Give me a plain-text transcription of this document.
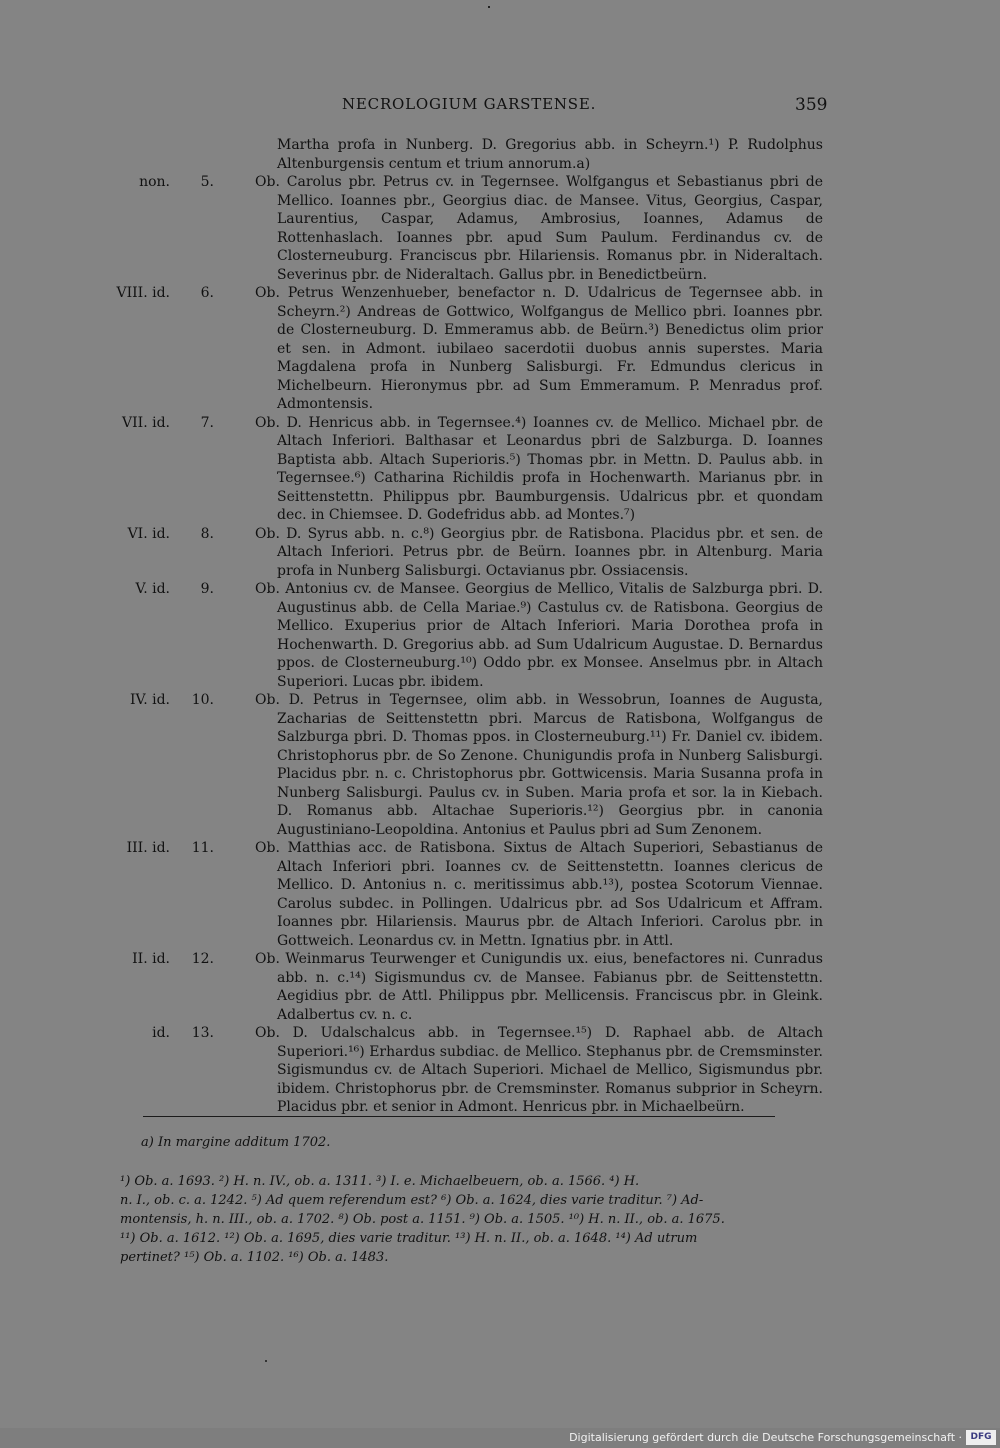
NECROLOGIUM GARSTENSE.	359
Martha profa in Nunberg. D. Gregorius abb. in Scheyrn.¹) P. Rudolphus Altenburgensis centum et trium annorum.a)
non.	5.	Ob. Carolus pbr. Petrus cv. in Tegernsee. Wolfgangus et Sebastianus pbri de Mellico. Ioannes pbr., Georgius diac. de Mansee. Vitus, Georgius, Caspar, Laurentius, Caspar, Adamus, Ambrosius, Ioannes, Adamus de Rottenhaslach. Ioannes pbr. apud Sum Paulum. Ferdinandus cv. de Closterneuburg. Franciscus pbr. Hilariensis. Romanus pbr. in Nideraltach. Severinus pbr. de Nideraltach. Gallus pbr. in Benedictbeürn.
VIII. id.	6.	Ob. Petrus Wenzenhueber, benefactor n. D. Udalricus de Tegernsee abb. in Scheyrn.²) Andreas de Gottwico, Wolfgangus de Mellico pbri. Ioannes pbr. de Closterneuburg. D. Emmeramus abb. de Beürn.³) Benedictus olim prior et sen. in Admont. iubilaeo sacerdotii duobus annis superstes. Maria Magdalena profa in Nunberg Salisburgi. Fr. Edmundus clericus in Michelbeurn. Hieronymus pbr. ad Sum Emmeramum. P. Menradus prof. Admontensis.
VII. id.	7.	Ob. D. Henricus abb. in Tegernsee.⁴) Ioannes cv. de Mellico. Michael pbr. de Altach Inferiori. Balthasar et Leonardus pbri de Salzburga. D. Ioannes Baptista abb. Altach Superioris.⁵) Thomas pbr. in Mettn. D. Paulus abb. in Tegernsee.⁶) Catharina Richildis profa in Hochenwarth. Marianus pbr. in Seittenstettn. Philippus pbr. Baumburgensis. Udalricus pbr. et quondam dec. in Chiemsee. D. Godefridus abb. ad Montes.⁷)
VI. id.	8.	Ob. D. Syrus abb. n. c.⁸) Georgius pbr. de Ratisbona. Placidus pbr. et sen. de Altach Inferiori. Petrus pbr. de Beürn. Ioannes pbr. in Altenburg. Maria profa in Nunberg Salisburgi. Octavianus pbr. Ossiacensis.
V. id.	9.	Ob. Antonius cv. de Mansee. Georgius de Mellico, Vitalis de Salzburga pbri. D. Augustinus abb. de Cella Mariae.⁹) Castulus cv. de Ratisbona. Georgius de Mellico. Exuperius prior de Altach Inferiori. Maria Dorothea profa in Hochenwarth. D. Gregorius abb. ad Sum Udalricum Augustae. D. Bernardus ppos. de Closterneuburg.¹⁰) Oddo pbr. ex Monsee. Anselmus pbr. in Altach Superiori. Lucas pbr. ibidem.
IV. id.	10.	Ob. D. Petrus in Tegernsee, olim abb. in Wessobrun, Ioannes de Augusta, Zacharias de Seittenstettn pbri. Marcus de Ratisbona, Wolfgangus de Salzburga pbri. D. Thomas ppos. in Closterneuburg.¹¹) Fr. Daniel cv. ibidem. Christophorus pbr. de So Zenone. Chunigundis profa in Nunberg Salisburgi. Placidus pbr. n. c. Christophorus pbr. Gottwicensis. Maria Susanna profa in Nunberg Salisburgi. Paulus cv. in Suben. Maria profa et sor. la in Kiebach. D. Romanus abb. Altachae Superioris.¹²) Georgius pbr. in canonia Augustiniano-Leopoldina. Antonius et Paulus pbri ad Sum Zenonem.
III. id.	11.	Ob. Matthias acc. de Ratisbona. Sixtus de Altach Superiori, Sebastianus de Altach Inferiori pbri. Ioannes cv. de Seittenstettn. Ioannes clericus de Mellico. D. Antonius n. c. meritissimus abb.¹³), postea Scotorum Viennae. Carolus subdec. in Pollingen. Udalricus pbr. ad Sos Udalricum et Affram. Ioannes pbr. Hilariensis. Maurus pbr. de Altach Inferiori. Carolus pbr. in Gottweich. Leonardus cv. in Mettn. Ignatius pbr. in Attl.
II. id.	12.	Ob. Weinmarus Teurwenger et Cunigundis ux. eius, benefactores ni. Cunradus abb. n. c.¹⁴) Sigismundus cv. de Mansee. Fabianus pbr. de Seittenstettn. Aegidius pbr. de Attl. Philippus pbr. Mellicensis. Franciscus pbr. in Gleink. Adalbertus cv. n. c.
id.	13.	Ob. D. Udalschalcus abb. in Tegernsee.¹⁵) D. Raphael abb. de Altach Superiori.¹⁶) Erhardus subdiac. de Mellico. Stephanus pbr. de Cremsminster. Sigismundus cv. de Altach Superiori. Michael de Mellico, Sigismundus pbr. ibidem. Christophorus pbr. de Cremsminster. Romanus subprior in Scheyrn. Placidus pbr. et senior in Admont. Henricus pbr. in Michaelbeürn.
a) In margine additum 1702.
¹) Ob. a. 1693. ²) H. n. IV., ob. a. 1311. ³) I. e. Michaelbeuern, ob. a. 1566. ⁴) H.
n. I., ob. c. a. 1242. ⁵) Ad quem referendum est? ⁶) Ob. a. 1624, dies varie traditur. ⁷) Ad-
montensis, h. n. III., ob. a. 1702. ⁸) Ob. post a. 1151. ⁹) Ob. a. 1505. ¹⁰) H. n. II., ob. a. 1675.
¹¹) Ob. a. 1612. ¹²) Ob. a. 1695, dies varie traditur. ¹³) H. n. II., ob. a. 1648. ¹⁴) Ad utrum
pertinet? ¹⁵) Ob. a. 1102. ¹⁶) Ob. a. 1483.
Digitalisierung gefördert durch die Deutsche Forschungsgemeinschaft · DFG
